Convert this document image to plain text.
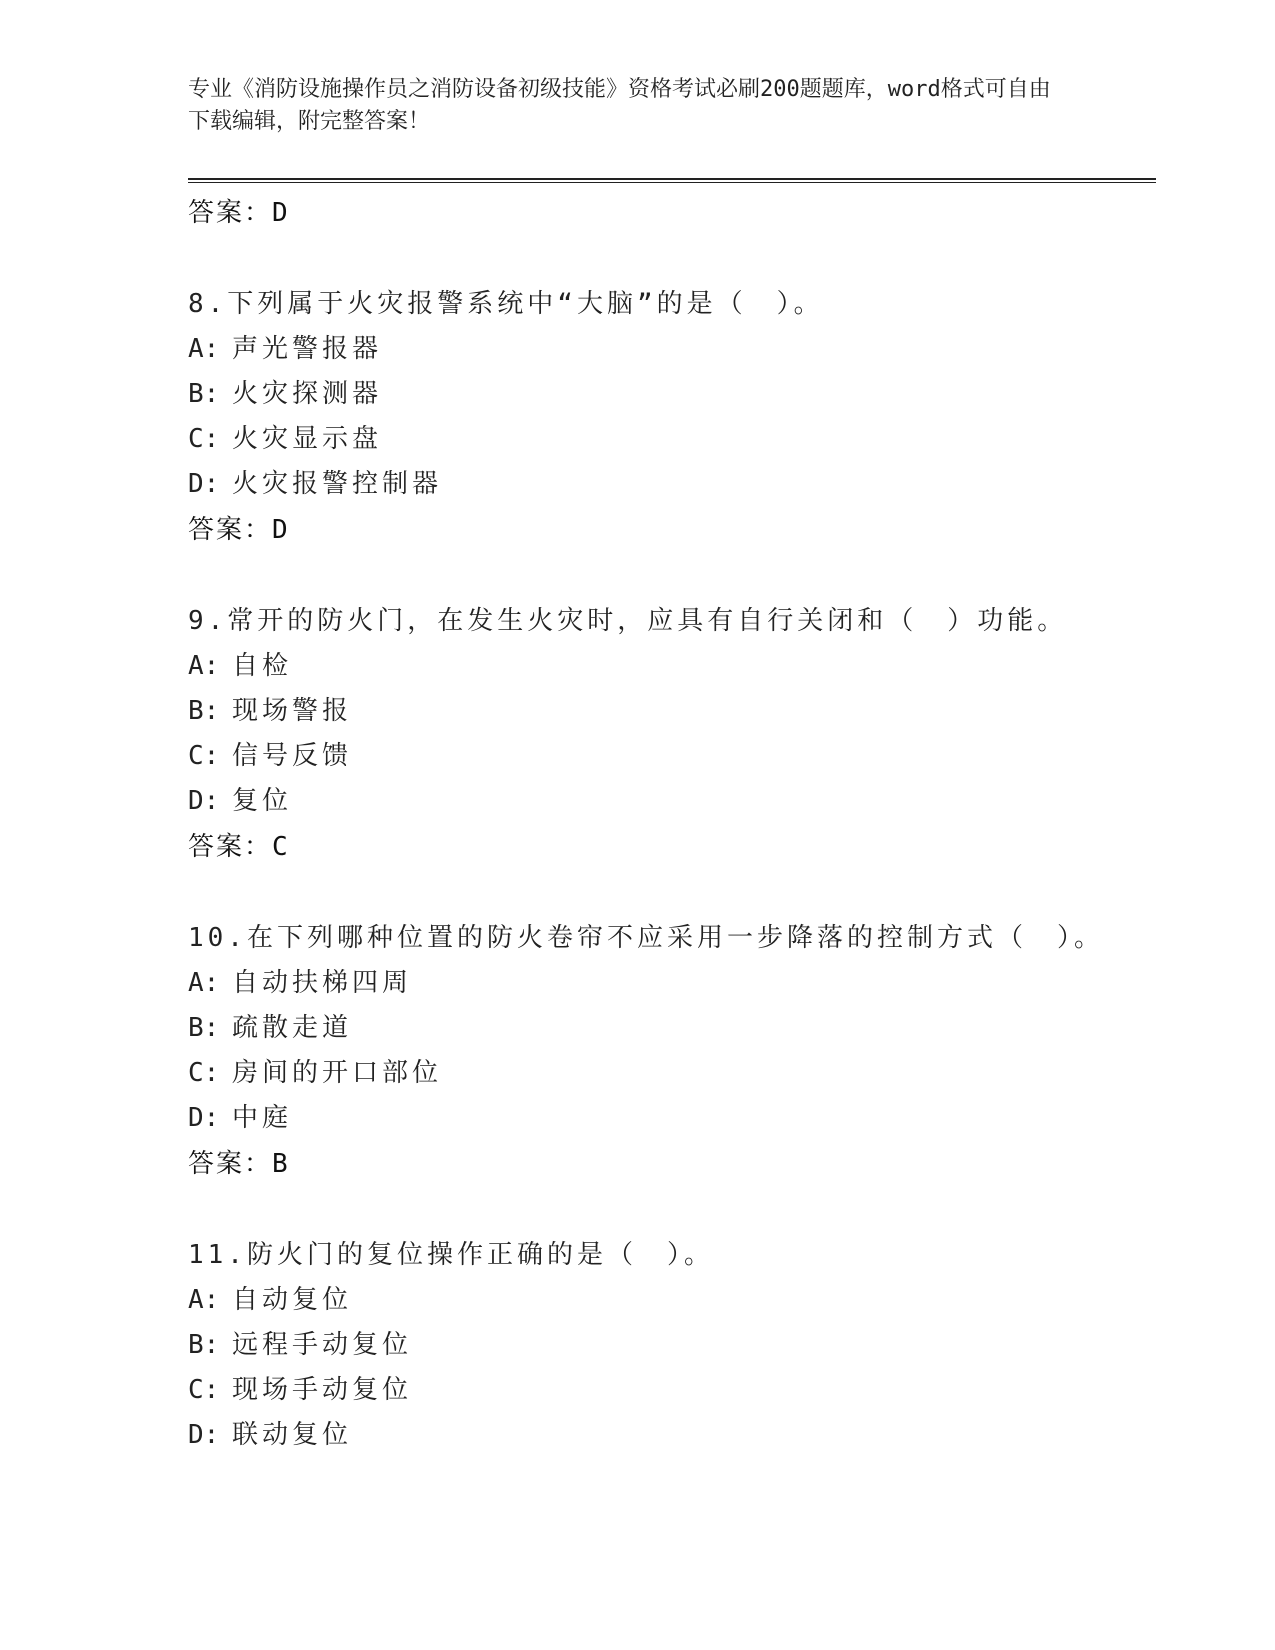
专业《消防设施操作员之消防设备初级技能》资格考试必刷200题题库，word格式可自由下载编辑，附完整答案！
答案：D
8.下列属于火灾报警系统中“大脑”的是（　）。
A: 声光警报器
B: 火灾探测器
C: 火灾显示盘
D: 火灾报警控制器
答案：D
9.常开的防火门，在发生火灾时，应具有自行关闭和（　）功能。
A: 自检
B: 现场警报
C: 信号反馈
D: 复位
答案：C
10.在下列哪种位置的防火卷帘不应采用一步降落的控制方式（　）。
A: 自动扶梯四周
B: 疏散走道
C: 房间的开口部位
D: 中庭
答案：B
11.防火门的复位操作正确的是（　）。
A: 自动复位
B: 远程手动复位
C: 现场手动复位
D: 联动复位
